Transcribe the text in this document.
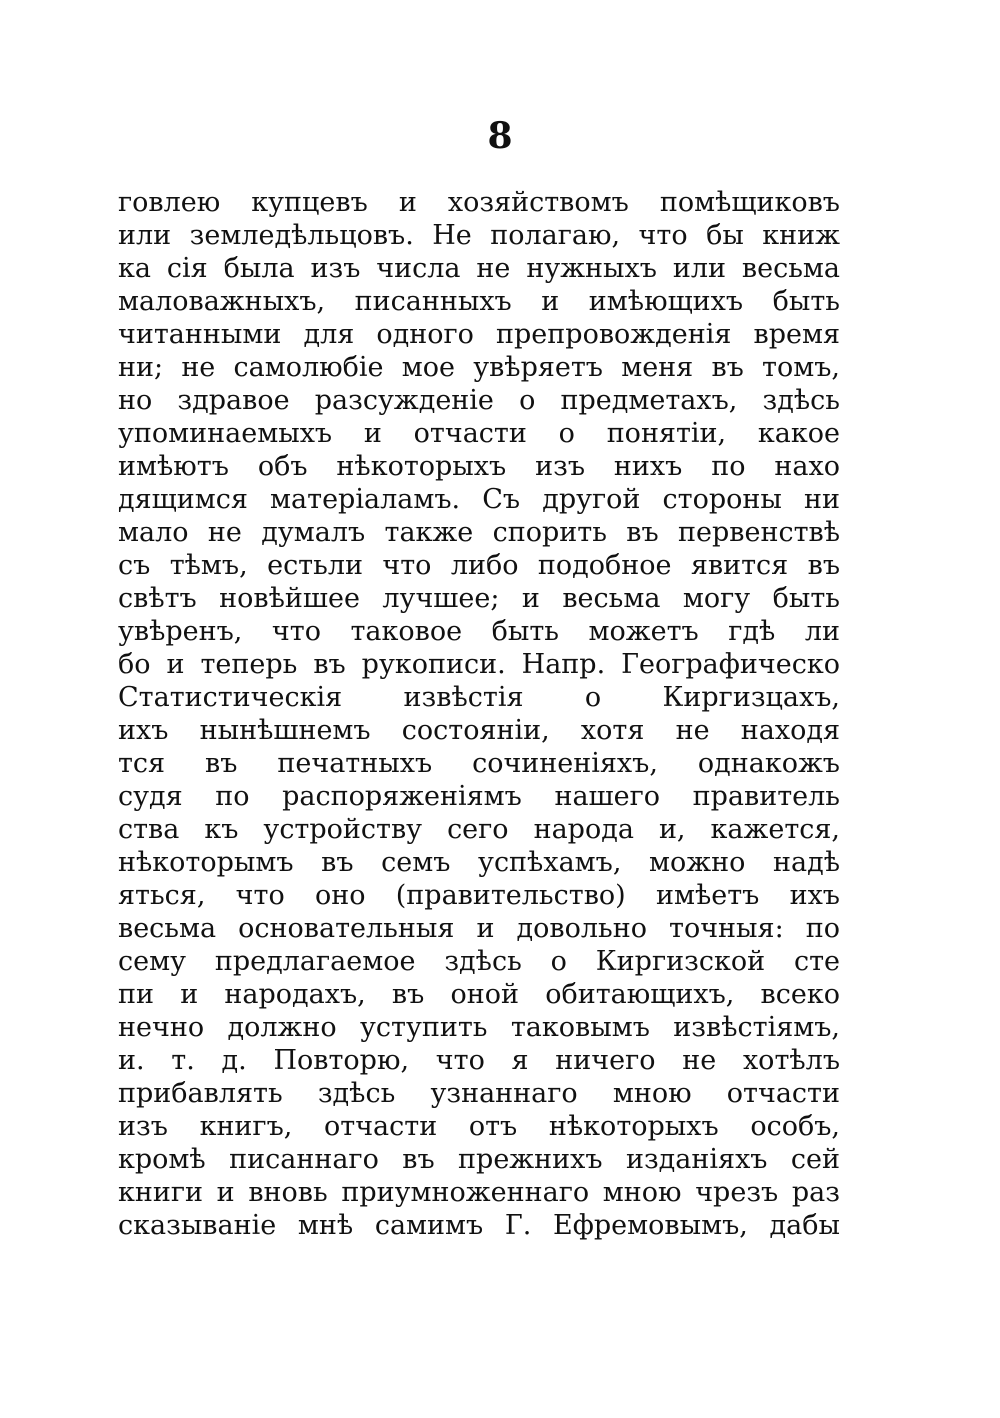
8
говлею купцевъ и хозяйствомъ помѣщиковъ
или земледѣльцовъ. Не полагаю, что бы книж
ка сія была изъ числа не нужныхъ или весьма
маловажныхъ, писанныхъ и имѣющихъ быть
читанными для одного препровожденія время
ни; не самолюбіе мое увѣряетъ меня въ томъ,
но здравое разсужденіе о предметахъ, здѣсь
упоминаемыхъ и отчасти о понятіи, какое
имѣютъ объ нѣкоторыхъ изъ нихъ по нахо
дящимся матеріаламъ. Съ другой стороны ни
мало не думалъ также спорить въ первенствѣ
съ тѣмъ, естьли что либо подобное явится въ
свѣтъ новѣйшее лучшее; и весьма могу быть
увѣренъ, что таковое быть можетъ гдѣ ли
бо и теперь въ рукописи. Напр. Географическо
Статистическія извѣстія о Киргизцахъ,
ихъ нынѣшнемъ состояніи, хотя не находя
тся въ печатныхъ сочиненіяхъ, однакожъ
судя по распоряженіямъ нашего правитель
ства къ устройству сего народа и, кажется,
нѣкоторымъ въ семъ успѣхамъ, можно надѣ
яться, что оно (правительство) имѣетъ ихъ
весьма основательныя и довольно точныя: по
сему предлагаемое здѣсь о Киргизской сте
пи и народахъ, въ оной обитающихъ, всеко
нечно должно уступить таковымъ извѣстіямъ,
и. т. д. Повторю, что я ничего не хотѣлъ
прибавлять здѣсь узнаннаго мною отчасти
изъ книгъ, отчасти отъ нѣкоторыхъ особъ,
кромѣ писаннаго въ прежнихъ изданіяхъ сей
книги и вновь приумноженнаго мною чрезъ раз
сказываніе мнѣ самимъ Г. Ефремовымъ, дабы
